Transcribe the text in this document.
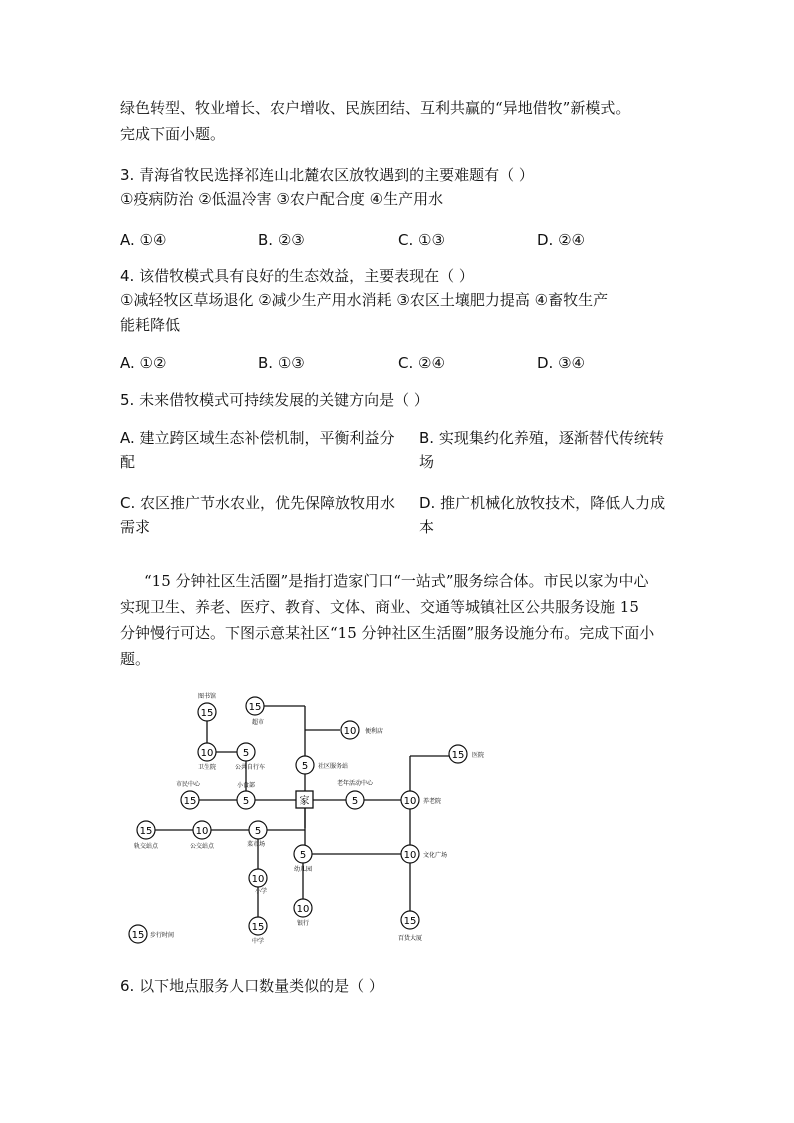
绿色转型、牧业增长、农户增收、民族团结、互利共赢的“异地借牧”新模式。
完成下面小题。
3. 青海省牧民选择祁连山北麓农区放牧遇到的主要难题有（ ）
①疫病防治 ②低温冷害 ③农户配合度 ④生产用水
A. ①④	B. ②③	C. ①③	D. ②④
4. 该借牧模式具有良好的生态效益，主要表现在（ ）
①减轻牧区草场退化 ②减少生产用水消耗 ③农区土壤肥力提高 ④畜牧生产
能耗降低
A. ①②	B. ①③	C. ②④	D. ③④
5. 未来借牧模式可持续发展的关键方向是（ ）
A. 建立跨区域生态补偿机制，平衡利益分
配
B. 实现集约化养殖，逐渐替代传统转
场
C. 农区推广节水农业，优先保障放牧用水
需求
D. 推广机械化放牧技术，降低人力成
本
“15 分钟社区生活圈”是指打造家门口“一站式”服务综合体。市民以家为中心
实现卫生、养老、医疗、教育、文体、商业、交通等城镇社区公共服务设施 15
分钟慢行可达。下图示意某社区“15 分钟社区生活圈”服务设施分布。完成下面小
题。
家
15
图书馆
15
超市
10 便利店
10
卫生院
5
公共自行车	5 社区服务站
15 医院
15
市民中心
5
小食部
5
老年活动中心
10 养老院
15
轨交站点
10
公交站点
5
菜市场
5
幼儿园
10 文化广场
10
小学
15
中学
10
银行	15
百货大厦
15 步行时间
6. 以下地点服务人口数量类似的是（ ）
